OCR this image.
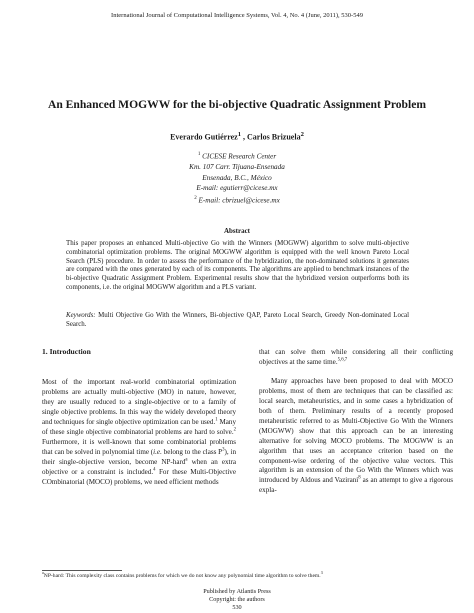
International Journal of Computational Intelligence Systems, Vol. 4, No. 4 (June, 2011), 530-549
An Enhanced MOGWW for the bi-objective Quadratic Assignment Problem
Everardo Gutiérrez$^1$ , Carlos Brizuela$^2$
$^1$ CICESE Research Center
Km. 107 Carr. Tijuana-Ensenada
Ensenada, B.C., México
E-mail: egutierr@cicese.mx
$^2$ E-mail: cbrizuel@cicese.mx
Abstract
This paper proposes an enhanced Multi-objective Go with the Winners (MOGWW) algorithm to solve multi-objective combinatorial optimization problems. The original MOGWW algorithm is equipped with the well known Pareto Local Search (PLS) procedure. In order to assess the performance of the hybridization, the non-dominated solutions it generates are compared with the ones generated by each of its components. The algorithms are applied to benchmark instances of the bi-objective Quadratic Assignment Problem. Experimental results show that the hybridized version outperforms both its components, i.e. the original MOGWW algorithm and a PLS variant.
Keywords: Multi Objective Go With the Winners, Bi-objective QAP, Pareto Local Search, Greedy Non-dominated Local Search.
1. Introduction

Most of the important real-world combinatorial optimization problems are actually multi-objective (MO) in nature, however, they are usually reduced to a single-objective or to a family of single objective problems. In this way the widely developed theory and techniques for single objective optimization can be used.$^1$ Many of these single objective combinatorial problems are hard to solve.$^2$ Furthermore, it is well-known that some combinatorial problems that can be solved in polynomial time (i.e. belong to the class $P^3$), in their single-objective version, become NP-hard$^a$ when an extra objective or a constraint is included.$^4$ For these Multi-Objective COmbinatorial (MOCO) problems, we need efficient methods

that can solve them while considering all their conflicting objectives at the same time.$^{5,6,7}$

Many approaches have been proposed to deal with MOCO problems, most of them are techniques that can be classified as: local search, metaheuristics, and in some cases a hybridization of both of them. Preliminary results of a recently proposed metaheuristic referred to as Multi-Objective Go With the Winners (MOGWW) show that this approach can be an interesting alternative for solving MOCO problems. The MOGWW is an algorithm that uses an acceptance criterion based on the component-wise ordering of the objective value vectors. This algorithm is an extension of the Go With the Winners which was introduced by Aldous and Vazirani$^8$ as an attempt to give a rigorous expla-

$^a$NP-hard: This complexity class contains problems for which we do not know any polynomial time algorithm to solve them.$^3$
Published by Atlantis Press
Copyright: the authors
530
